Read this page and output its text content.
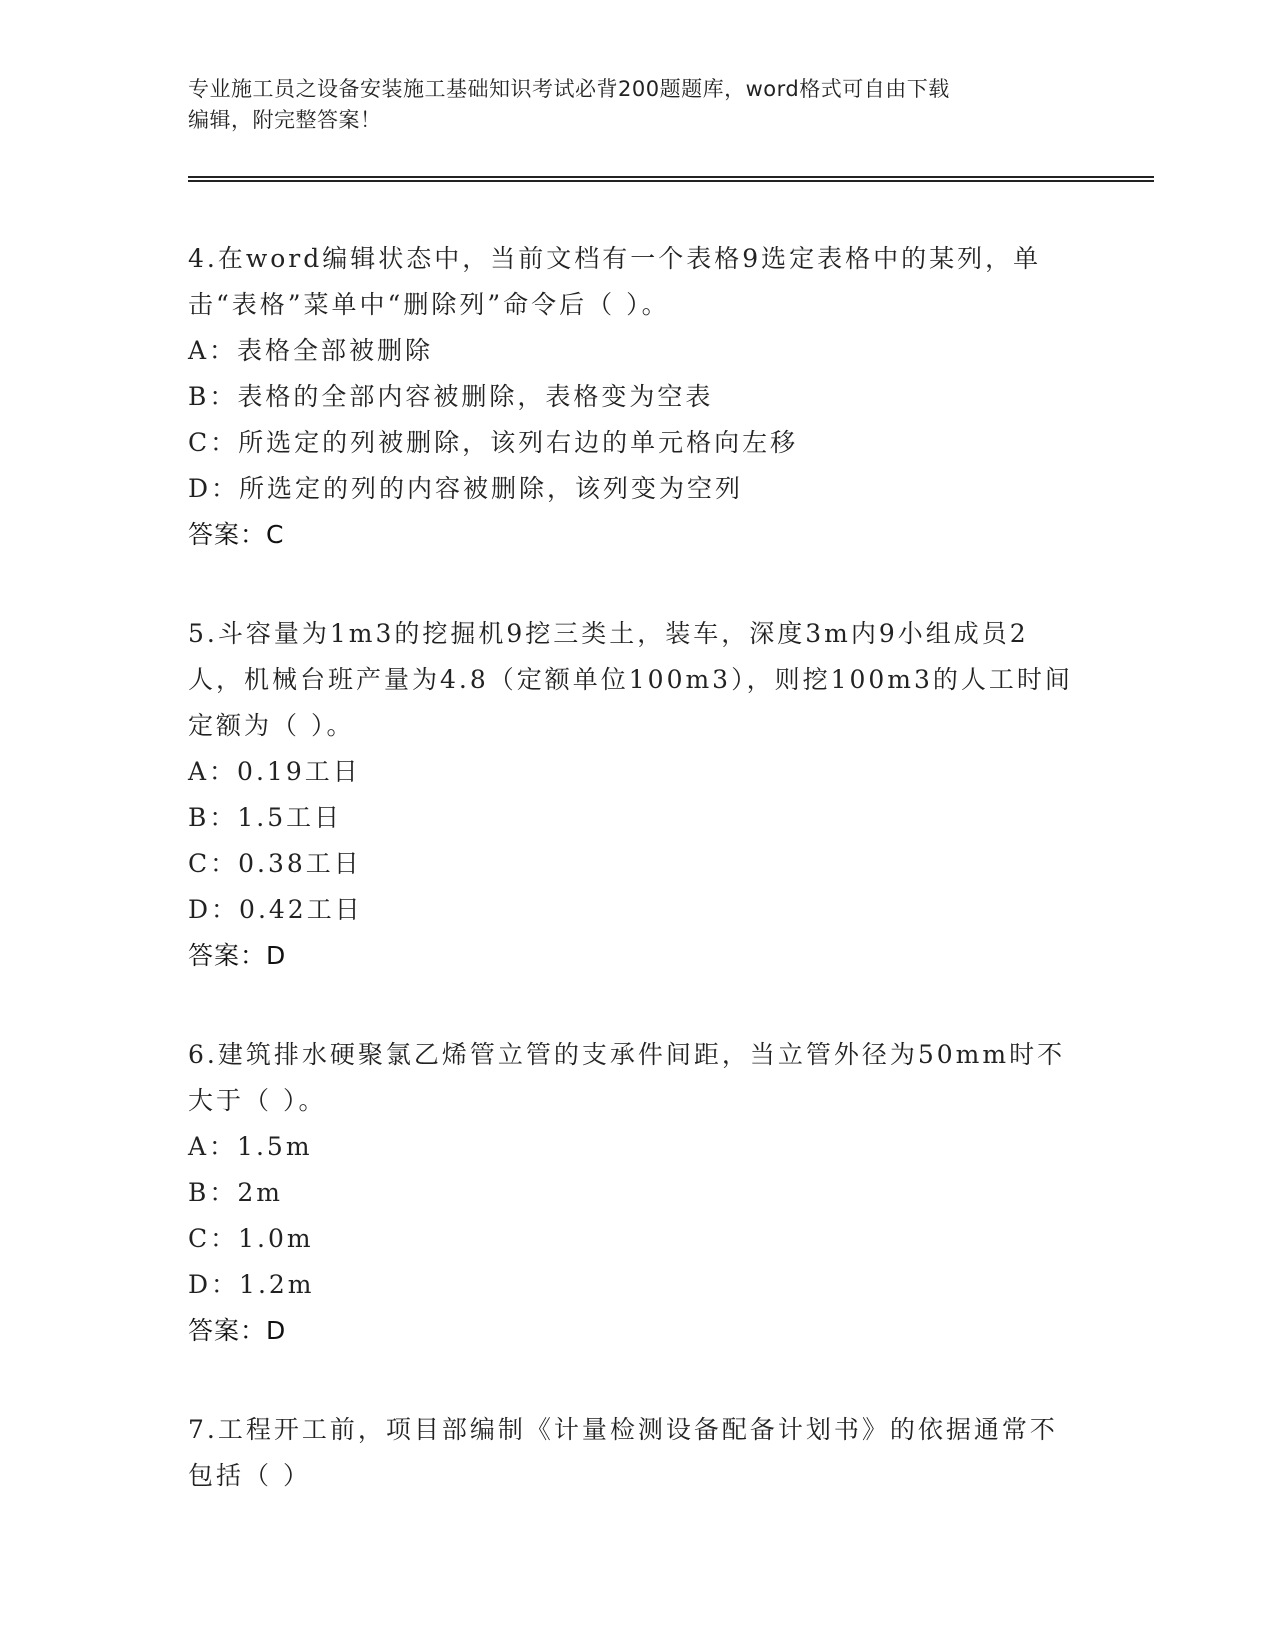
专业施工员之设备安装施工基础知识考试必背200题题库，word格式可自由下载
编辑，附完整答案！
4.在word编辑状态中，当前文档有一个表格9选定表格中的某列，单击“表格”菜单中“删除列”命令后（ ）。
A：表格全部被删除
B：表格的全部内容被删除，表格变为空表
C：所选定的列被删除，该列右边的单元格向左移
D：所选定的列的内容被删除，该列变为空列
答案：C
5.斗容量为1m3的挖掘机9挖三类土，装车，深度3m内9小组成员2人，机械台班产量为4.8（定额单位100m3），则挖100m3的人工时间定额为（ ）。
A：0.19工日
B：1.5工日
C：0.38工日
D：0.42工日
答案：D
6.建筑排水硬聚氯乙烯管立管的支承件间距，当立管外径为50mm时不大于（ ）。
A：1.5m
B：2m
C：1.0m
D：1.2m
答案：D
7.工程开工前，项目部编制《计量检测设备配备计划书》的依据通常不包括（ ）
